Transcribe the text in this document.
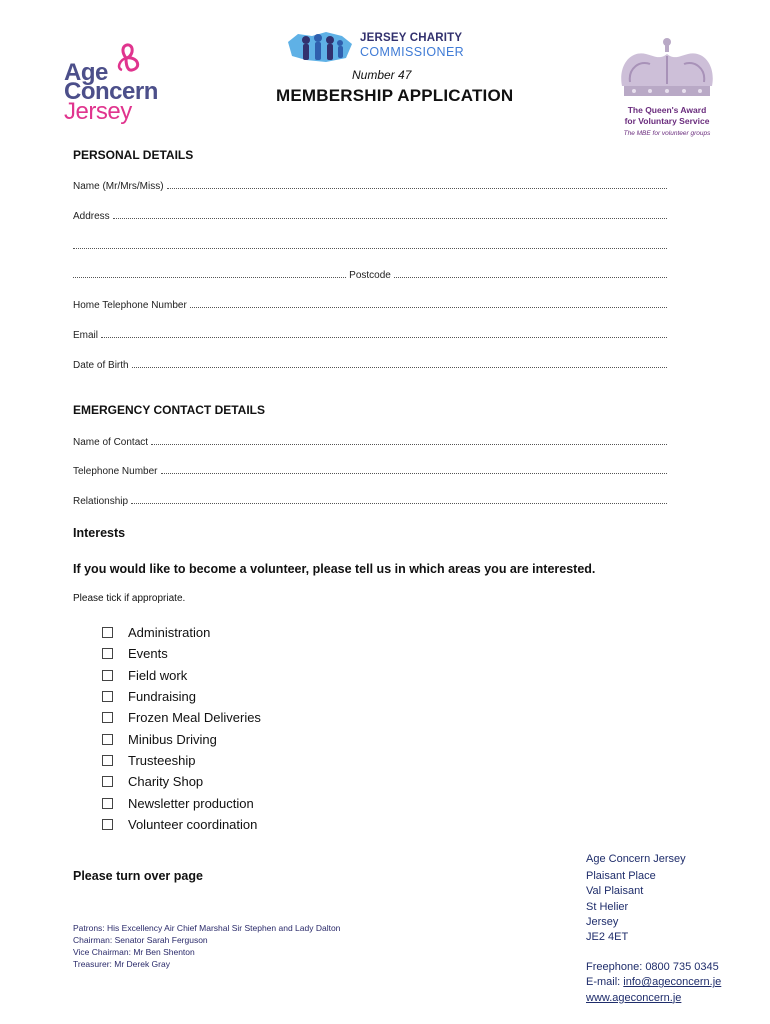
Age
Concern
Jersey
JERSEY CHARITY
COMMISSIONER
Number 47
MEMBERSHIP APPLICATION
The Queen's Award
for Voluntary Service
The MBE for volunteer groups
PERSONAL DETAILS
Name (Mr/Mrs/Miss)
Address
Postcode
Home Telephone Number
Email
Date of Birth
EMERGENCY CONTACT DETAILS
Name of Contact
Telephone Number
Relationship
Interests
If you would like to become a volunteer, please tell us in which areas you are interested.
Please tick if appropriate.
Administration
Events
Field work
Fundraising
Frozen Meal Deliveries
Minibus Driving
Trusteeship
Charity Shop
Newsletter production
Volunteer coordination
Please turn over page
Patrons: His Excellency Air Chief Marshal Sir Stephen and Lady Dalton
Chairman: Senator Sarah Ferguson
Vice Chairman: Mr Ben Shenton
Treasurer: Mr Derek Gray
Age Concern Jersey
Plaisant Place
Val Plaisant
St Helier
Jersey
JE2 4ET
Freephone: 0800 735 0345
E-mail: info@ageconcern.je
www.ageconcern.je
